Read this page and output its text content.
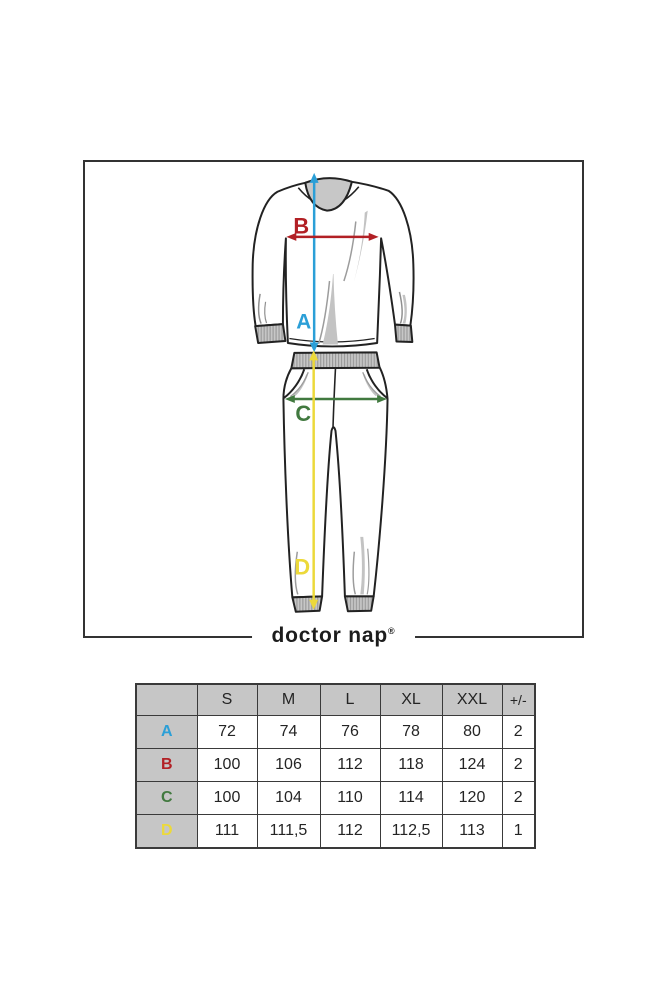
A
B
C
D
doctor nap®
	S	M	L	XL	XXL	+/-
A	72	74	76	78	80	2
B	100	106	112	118	124	2
C	100	104	110	114	120	2
D	111	111,5	112	112,5	113	1
